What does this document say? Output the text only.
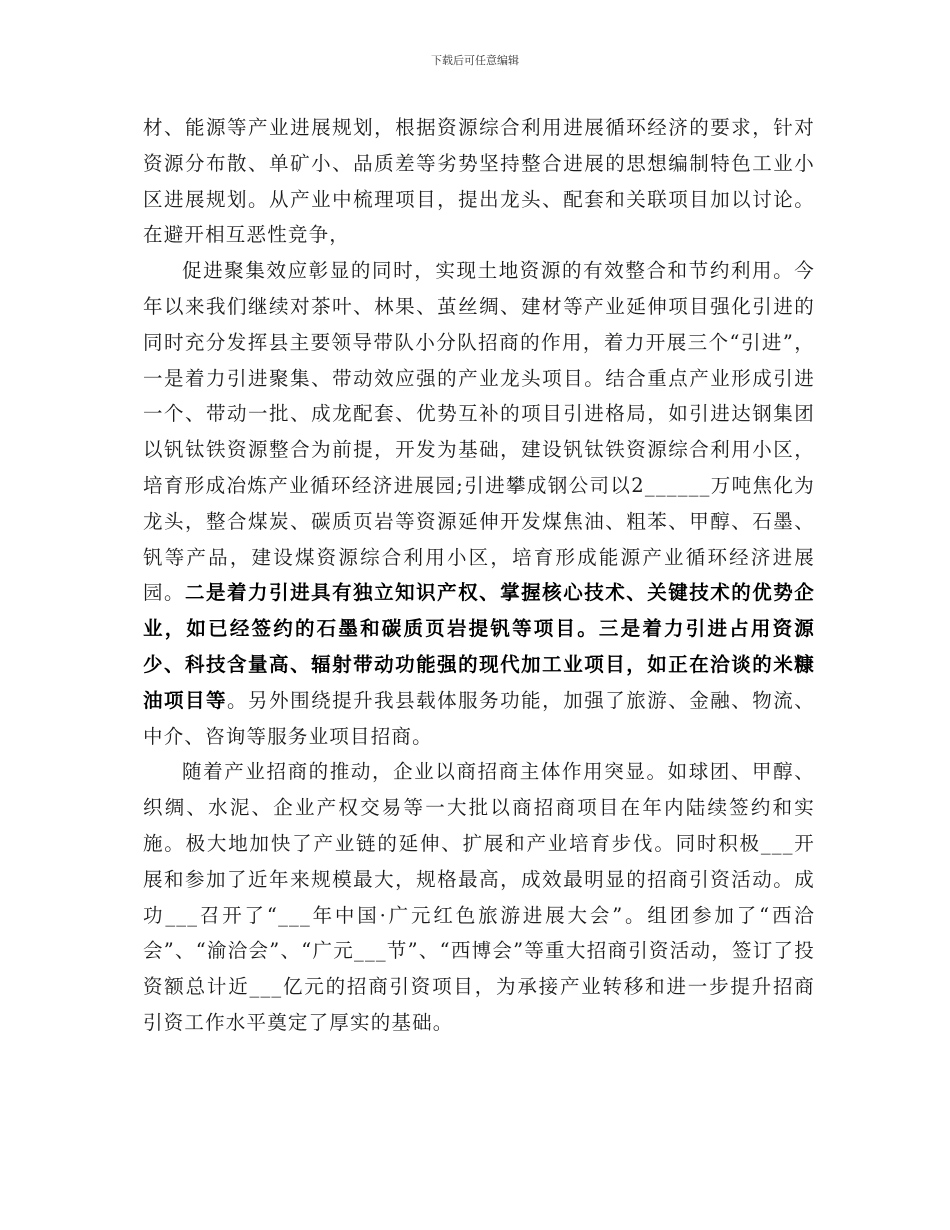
下载后可任意编辑

材、能源等产业进展规划，根据资源综合利用进展循环经济的要求，针对资源分布散、单矿小、品质差等劣势坚持整合进展的思想编制特色工业小区进展规划。从产业中梳理项目，提出龙头、配套和关联项目加以讨论。在避开相互恶性竞争，

促进聚集效应彰显的同时，实现土地资源的有效整合和节约利用。今年以来我们继续对茶叶、林果、茧丝绸、建材等产业延伸项目强化引进的同时充分发挥县主要领导带队小分队招商的作用，着力开展三个“引进”，一是着力引进聚集、带动效应强的产业龙头项目。结合重点产业形成引进一个、带动一批、成龙配套、优势互补的项目引进格局，如引进达钢集团以钒钛铁资源整合为前提，开发为基础，建设钒钛铁资源综合利用小区，培育形成冶炼产业循环经济进展园;引进攀成钢公司以2______万吨焦化为龙头，整合煤炭、碳质页岩等资源延伸开发煤焦油、粗苯、甲醇、石墨、钒等产品，建设煤资源综合利用小区，培育形成能源产业循环经济进展园。二是着力引进具有独立知识产权、掌握核心技术、关键技术的优势企业，如已经签约的石墨和碳质页岩提钒等项目。三是着力引进占用资源少、科技含量高、辐射带动功能强的现代加工业项目，如正在洽谈的米糠油项目等。另外围绕提升我县载体服务功能，加强了旅游、金融、物流、中介、咨询等服务业项目招商。

随着产业招商的推动，企业以商招商主体作用突显。如球团、甲醇、织绸、水泥、企业产权交易等一大批以商招商项目在年内陆续签约和实施。极大地加快了产业链的延伸、扩展和产业培育步伐。同时积极___开展和参加了近年来规模最大，规格最高，成效最明显的招商引资活动。成功___召开了“___年中国·广元红色旅游进展大会”。组团参加了“西洽会”、“渝洽会”、“广元___节”、“西博会”等重大招商引资活动，签订了投资额总计近___亿元的招商引资项目，为承接产业转移和进一步提升招商引资工作水平奠定了厚实的基础。
